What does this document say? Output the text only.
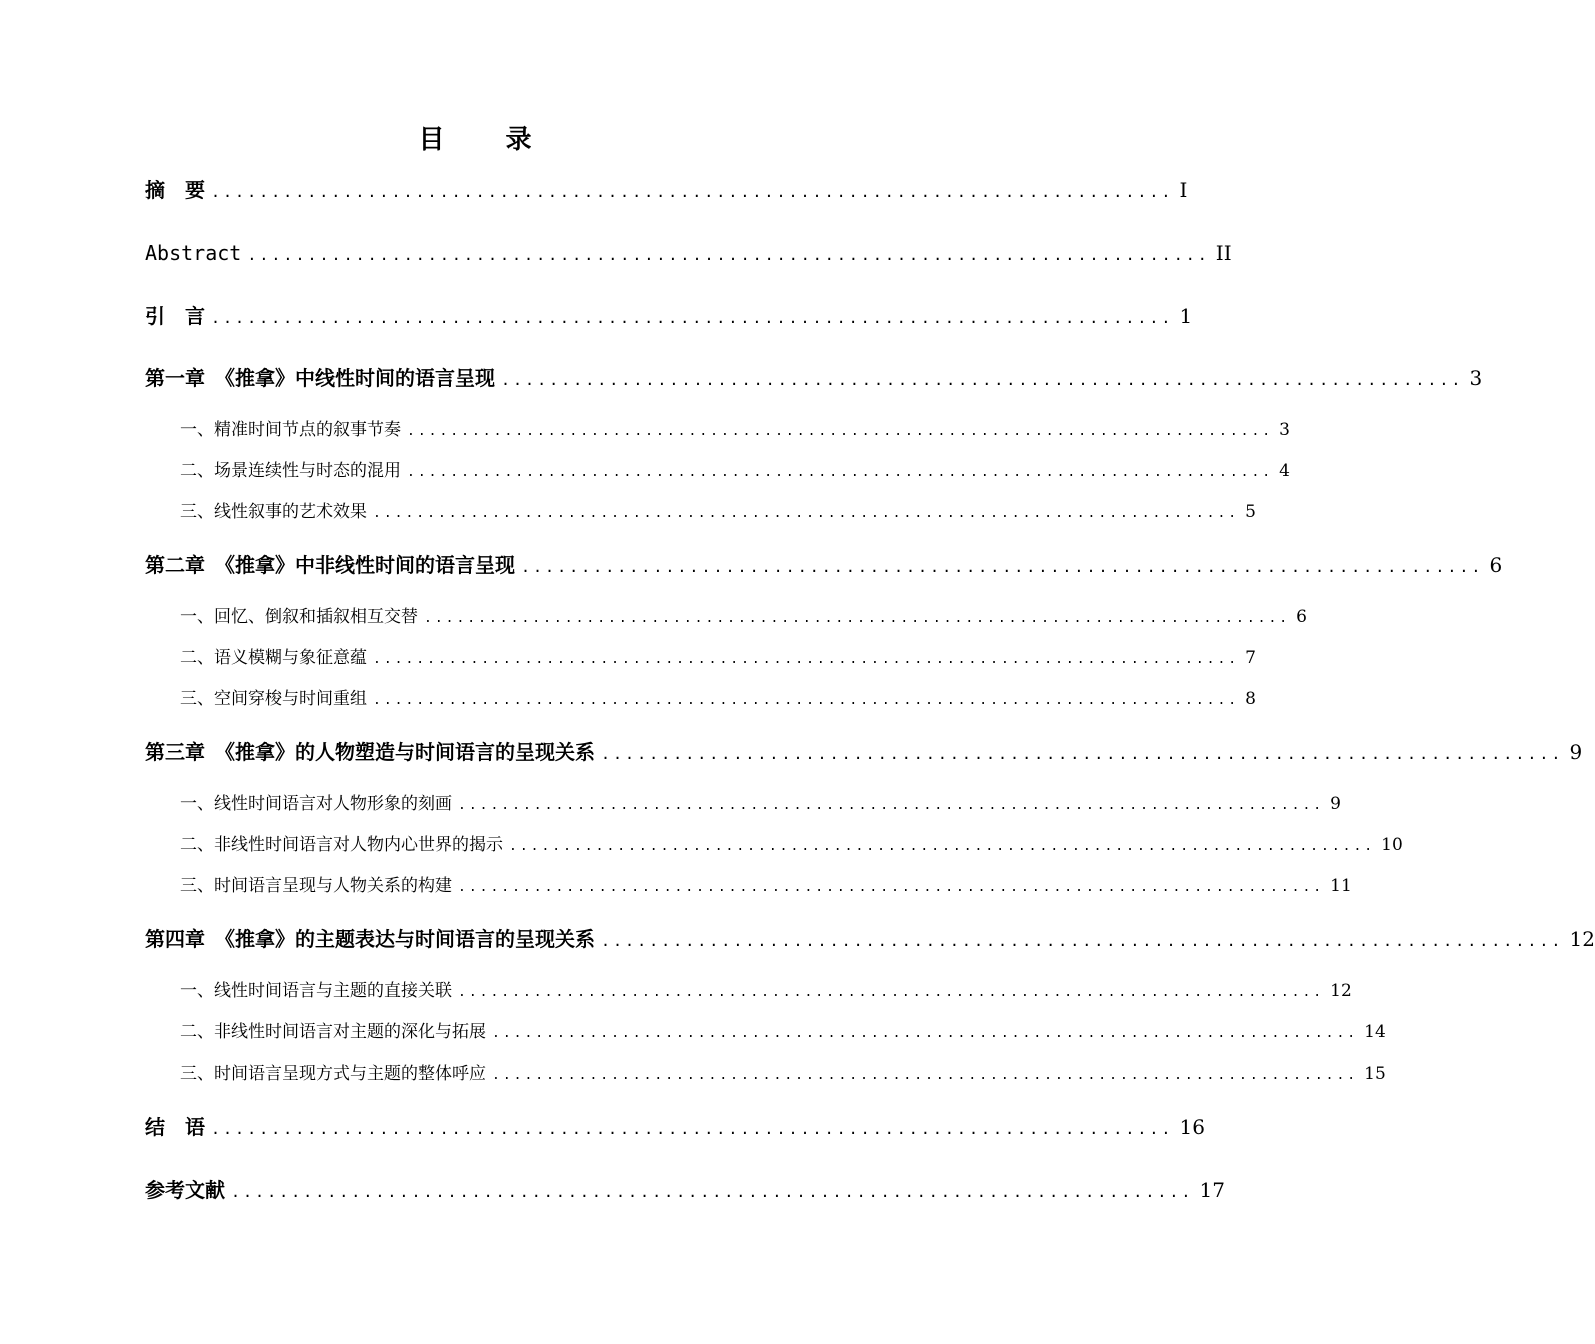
目 录
摘　要 ................................................................................ I
Abstract ................................................................................ II
引　言 ................................................................................ 1
第一章　《推拿》中线性时间的语言呈现 ................................................................................ 3
一、精准时间节点的叙事节奏 ................................................................................ 3
二、场景连续性与时态的混用 ................................................................................ 4
三、线性叙事的艺术效果 ................................................................................ 5
第二章　《推拿》中非线性时间的语言呈现 ................................................................................ 6
一、回忆、倒叙和插叙相互交替 ................................................................................ 6
二、语义模糊与象征意蕴 ................................................................................ 7
三、空间穿梭与时间重组 ................................................................................ 8
第三章　《推拿》的人物塑造与时间语言的呈现关系 ................................................................................ 9
一、线性时间语言对人物形象的刻画 ................................................................................ 9
二、非线性时间语言对人物内心世界的揭示 ................................................................................ 10
三、时间语言呈现与人物关系的构建 ................................................................................ 11
第四章　《推拿》的主题表达与时间语言的呈现关系 ................................................................................ 12
一、线性时间语言与主题的直接关联 ................................................................................ 12
二、非线性时间语言对主题的深化与拓展 ................................................................................ 14
三、时间语言呈现方式与主题的整体呼应 ................................................................................ 15
结　语 ................................................................................ 16
参考文献 ................................................................................ 17
